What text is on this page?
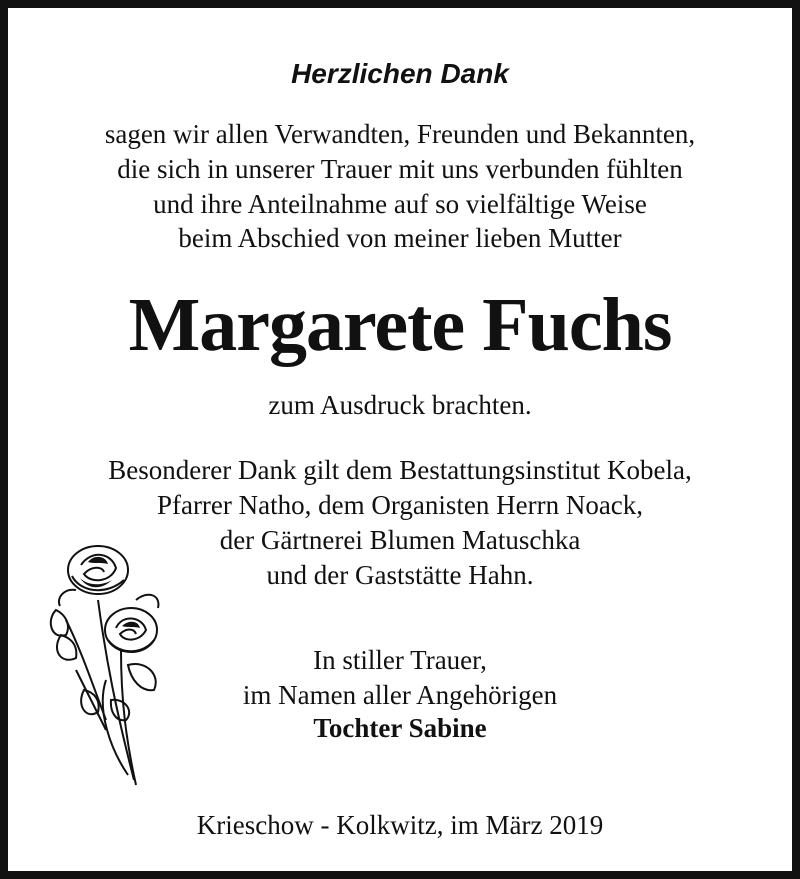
Herzlichen Dank
sagen wir allen Verwandten, Freunden und Bekannten,
die sich in unserer Trauer mit uns verbunden fühlten
und ihre Anteilnahme auf so vielfältige Weise
beim Abschied von meiner lieben Mutter
Margarete Fuchs
zum Ausdruck brachten.
Besonderer Dank gilt dem Bestattungsinstitut Kobela,
Pfarrer Natho, dem Organisten Herrn Noack,
der Gärtnerei Blumen Matuschka
und der Gaststätte Hahn.
In stiller Trauer,
im Namen aller Angehörigen
Tochter Sabine
Krieschow - Kolkwitz, im März 2019
